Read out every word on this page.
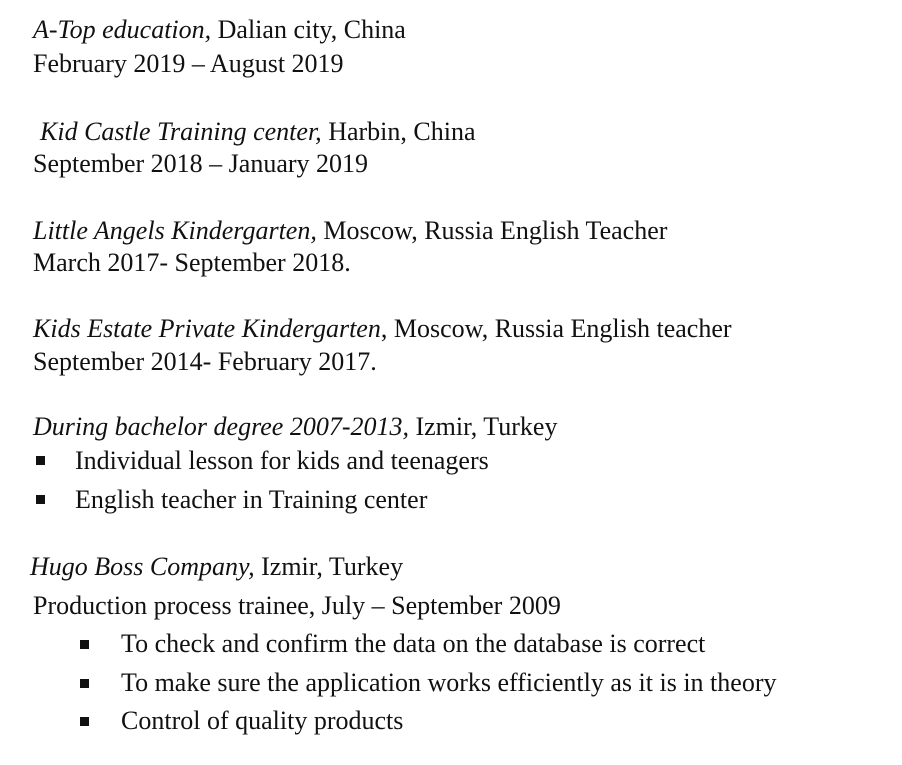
A-Top education, Dalian city, China
February 2019 – August 2019
Kid Castle Training center, Harbin, China
September 2018 – January 2019
Little Angels Kindergarten, Moscow, Russia English Teacher
March 2017- September 2018.
Kids Estate Private Kindergarten, Moscow, Russia English teacher
September 2014- February 2017.
During bachelor degree 2007-2013, Izmir, Turkey
Individual lesson for kids and teenagers
English teacher in Training center
Hugo Boss Company, Izmir, Turkey
Production process trainee, July – September 2009
To check and confirm the data on the database is correct
To make sure the application works efficiently as it is in theory
Control of quality products
